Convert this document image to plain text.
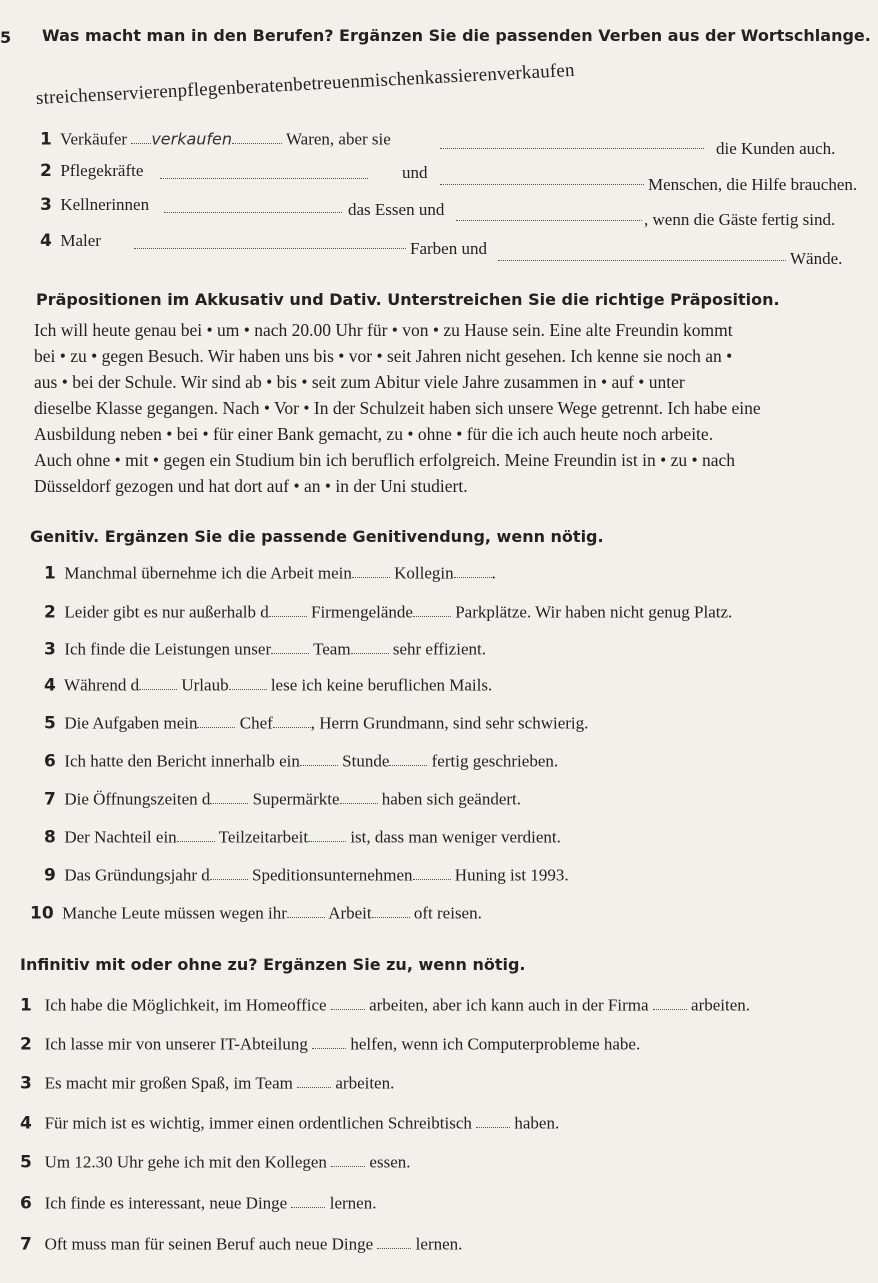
5 Was macht man in den Berufen? Ergänzen Sie die passenden Verben aus der Wortschlange.
streichenservierenpflegenberatenbetreuenmischenkassierenverkaufen
1 Verkäufer verkaufen	Waren, aber sie
die Kunden auch.
2 Pflegekräfte	und
Menschen, die Hilfe brauchen.
3 Kellnerinnen	das Essen und
, wenn die Gäste fertig sind.
4 Maler	Farben und
Wände.
Präpositionen im Akkusativ und Dativ. Unterstreichen Sie die richtige Präposition.
Ich will heute genau bei • um • nach 20.00 Uhr für • von • zu Hause sein. Eine alte Freundin kommt
bei • zu • gegen Besuch. Wir haben uns bis • vor • seit Jahren nicht gesehen. Ich kenne sie noch an •
aus • bei der Schule. Wir sind ab • bis • seit zum Abitur viele Jahre zusammen in • auf • unter
dieselbe Klasse gegangen. Nach • Vor • In der Schulzeit haben sich unsere Wege getrennt. Ich habe eine
Ausbildung neben • bei • für einer Bank gemacht, zu • ohne • für die ich auch heute noch arbeite.
Auch ohne • mit • gegen ein Studium bin ich beruflich erfolgreich. Meine Freundin ist in • zu • nach
Düsseldorf gezogen und hat dort auf • an • in der Uni studiert.
Genitiv. Ergänzen Sie die passende Genitivendung, wenn nötig.
1 Manchmal übernehme ich die Arbeit mein Kollegin .
2 Leider gibt es nur außerhalb d Firmengelände Parkplätze. Wir haben nicht genug Platz.
3 Ich finde die Leistungen unser Team sehr effizient.
4 Während d Urlaub lese ich keine beruflichen Mails.
5 Die Aufgaben mein Chef , Herrn Grundmann, sind sehr schwierig.
6 Ich hatte den Bericht innerhalb ein Stunde fertig geschrieben.
7 Die Öffnungszeiten d Supermärkte haben sich geändert.
8 Der Nachteil ein Teilzeitarbeit ist, dass man weniger verdient.
9 Das Gründungsjahr d Speditionsunternehmen Huning ist 1993.
10 Manche Leute müssen wegen ihr Arbeit oft reisen.
Infinitiv mit oder ohne zu? Ergänzen Sie zu, wenn nötig.
1 Ich habe die Möglichkeit, im Homeoffice	arbeiten, aber ich kann auch in der Firma	arbeiten.
2 Ich lasse mir von unserer IT-Abteilung	helfen, wenn ich Computerprobleme habe.
3 Es macht mir großen Spaß, im Team	arbeiten.
4 Für mich ist es wichtig, immer einen ordentlichen Schreibtisch	haben.
5 Um 12.30 Uhr gehe ich mit den Kollegen	essen.
6 Ich finde es interessant, neue Dinge	lernen.
7 Oft muss man für seinen Beruf auch neue Dinge	lernen.
